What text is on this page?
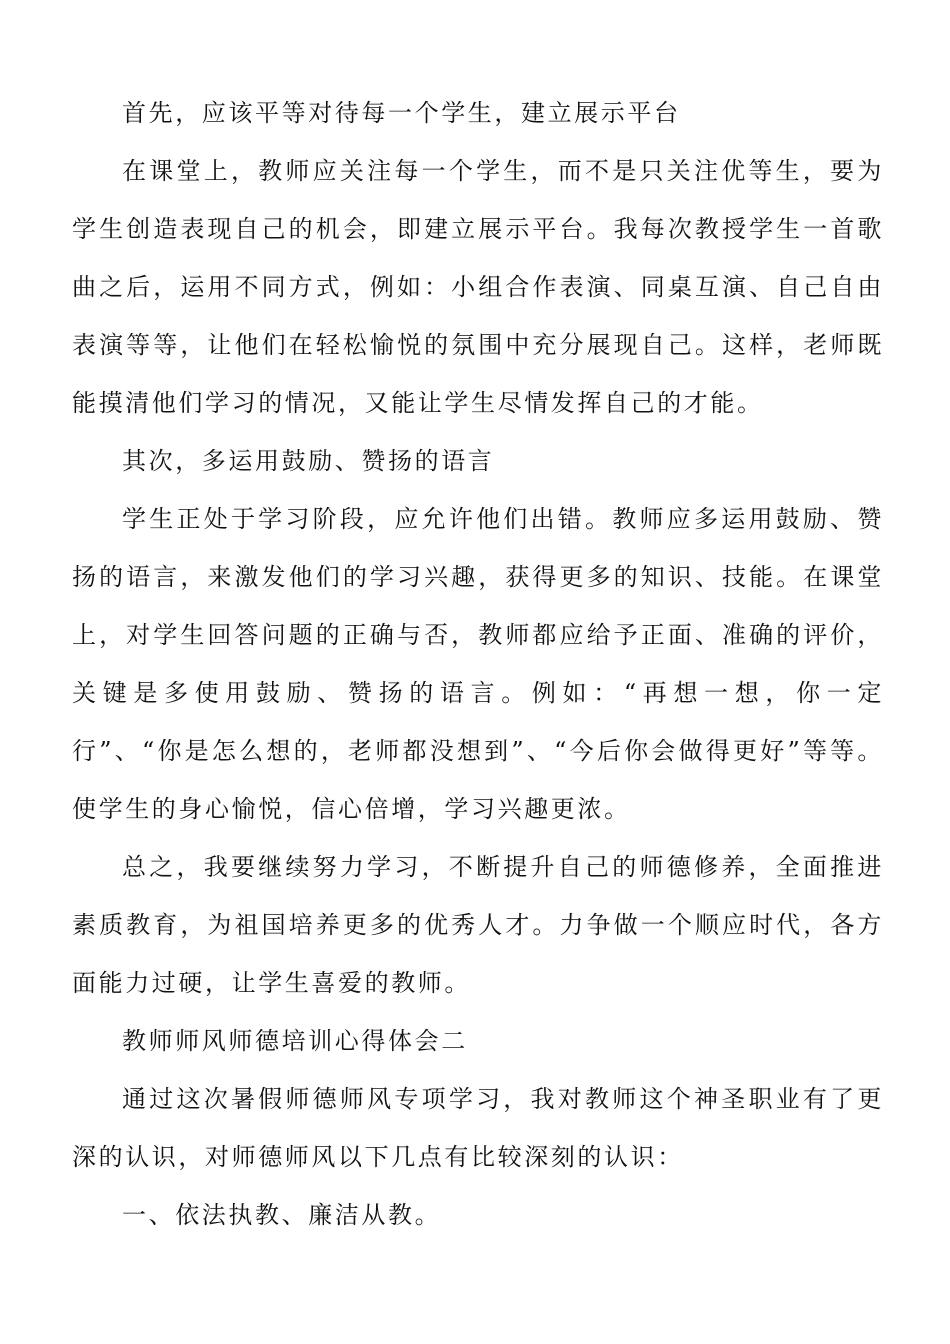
首先，应该平等对待每一个学生，建立展示平台

在课堂上，教师应关注每一个学生，而不是只关注优等生，要为学生创造表现自己的机会，即建立展示平台。我每次教授学生一首歌曲之后，运用不同方式，例如：小组合作表演、同桌互演、自己自由表演等等，让他们在轻松愉悦的氛围中充分展现自己。这样，老师既能摸清他们学习的情况，又能让学生尽情发挥自己的才能。

其次，多运用鼓励、赞扬的语言

学生正处于学习阶段，应允许他们出错。教师应多运用鼓励、赞扬的语言，来激发他们的学习兴趣，获得更多的知识、技能。在课堂上，对学生回答问题的正确与否，教师都应给予正面、准确的评价，关键是多使用鼓励、赞扬的语言。例如：“再想一想，你一定行”、“你是怎么想的，老师都没想到”、“今后你会做得更好”等等。使学生的身心愉悦，信心倍增，学习兴趣更浓。

总之，我要继续努力学习，不断提升自己的师德修养，全面推进素质教育，为祖国培养更多的优秀人才。力争做一个顺应时代，各方面能力过硬，让学生喜爱的教师。

教师师风师德培训心得体会二

通过这次暑假师德师风专项学习，我对教师这个神圣职业有了更深的认识，对师德师风以下几点有比较深刻的认识：

一、依法执教、廉洁从教。
